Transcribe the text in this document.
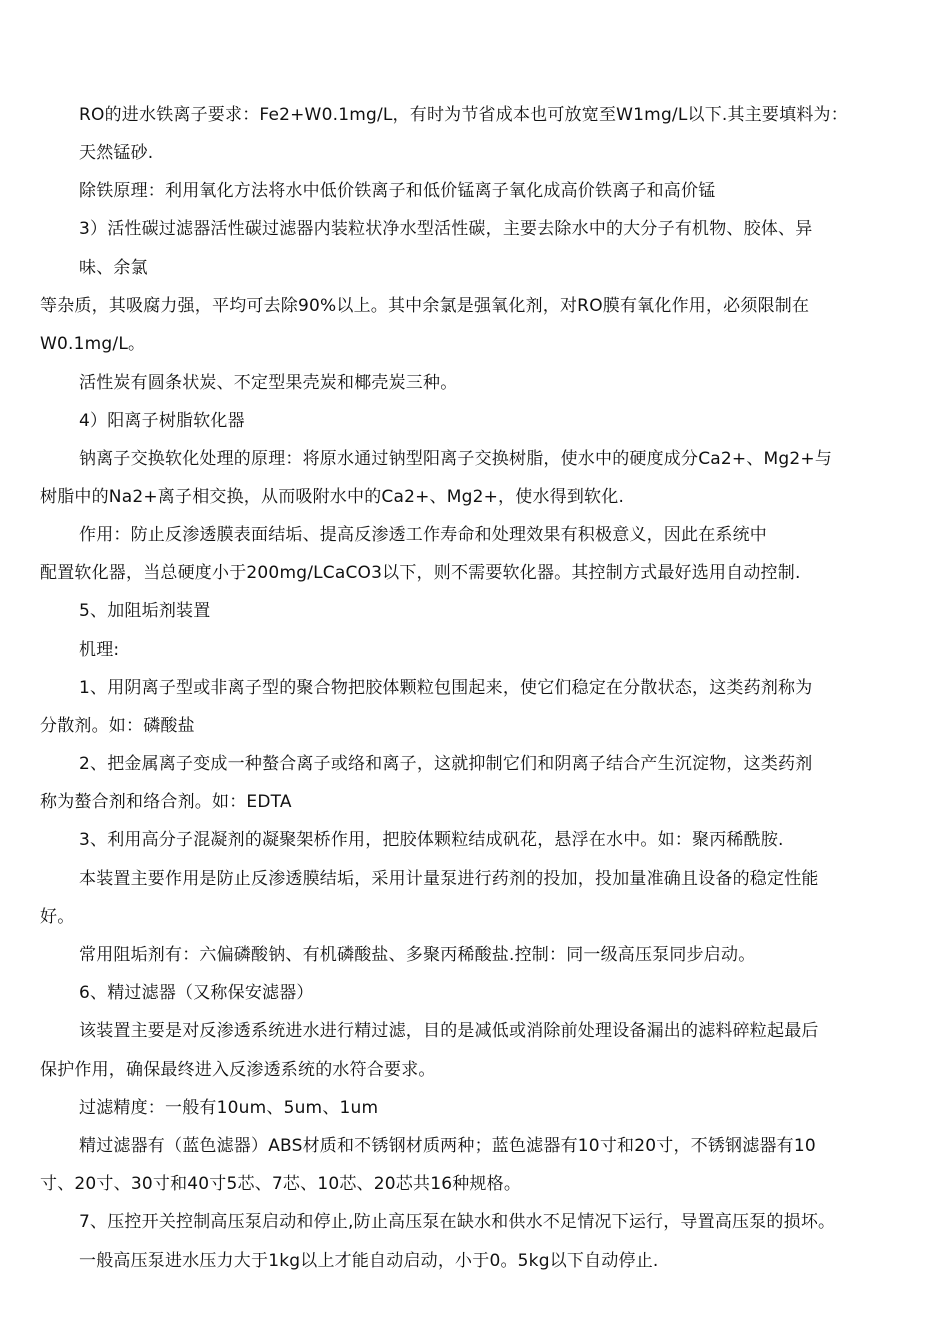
RO的进水铁离子要求：Fe2+W0.1mg/L，有时为节省成本也可放宽至W1mg/L以下.其主要填料为：
天然锰砂.
除铁原理：利用氧化方法将水中低价铁离子和低价锰离子氧化成高价铁离子和高价锰
3）活性碳过滤器活性碳过滤器内装粒状净水型活性碳，主要去除水中的大分子有机物、胶体、异
味、余氯
等杂质，其吸腐力强，平均可去除90%以上。其中余氯是强氧化剂，对RO膜有氧化作用，必须限制在
W0.1mg/L。
活性炭有圆条状炭、不定型果壳炭和椰壳炭三种。
4）阳离子树脂软化器
钠离子交换软化处理的原理：将原水通过钠型阳离子交换树脂，使水中的硬度成分Ca2+、Mg2+与
树脂中的Na2+离子相交换，从而吸附水中的Ca2+、Mg2+，使水得到软化.
作用：防止反渗透膜表面结垢、提高反渗透工作寿命和处理效果有积极意义，因此在系统中
配置软化器，当总硬度小于200mg/LCaCO3以下，则不需要软化器。其控制方式最好选用自动控制.
5、加阻垢剂装置
机理:
1、用阴离子型或非离子型的聚合物把胶体颗粒包围起来，使它们稳定在分散状态，这类药剂称为
分散剂。如：磷酸盐
2、把金属离子变成一种螯合离子或络和离子，这就抑制它们和阴离子结合产生沉淀物，这类药剂
称为螯合剂和络合剂。如：EDTA
3、利用高分子混凝剂的凝聚架桥作用，把胶体颗粒结成矾花，悬浮在水中。如：聚丙稀酰胺.
本装置主要作用是防止反渗透膜结垢，采用计量泵进行药剂的投加，投加量准确且设备的稳定性能
好。
常用阻垢剂有：六偏磷酸钠、有机磷酸盐、多聚丙稀酸盐.控制：同一级高压泵同步启动。
6、精过滤器（又称保安滤器）
该装置主要是对反渗透系统进水进行精过滤，目的是减低或消除前处理设备漏出的滤料碎粒起最后
保护作用，确保最终进入反渗透系统的水符合要求。
过滤精度：一般有10um、5um、1um
精过滤器有（蓝色滤器）ABS材质和不锈钢材质两种；蓝色滤器有10寸和20寸，不锈钢滤器有10
寸、20寸、30寸和40寸5芯、7芯、10芯、20芯共16种规格。
7、压控开关控制高压泵启动和停止,防止高压泵在缺水和供水不足情况下运行，导置高压泵的损坏。
一般高压泵进水压力大于1kg以上才能自动启动，小于0。5kg以下自动停止.
